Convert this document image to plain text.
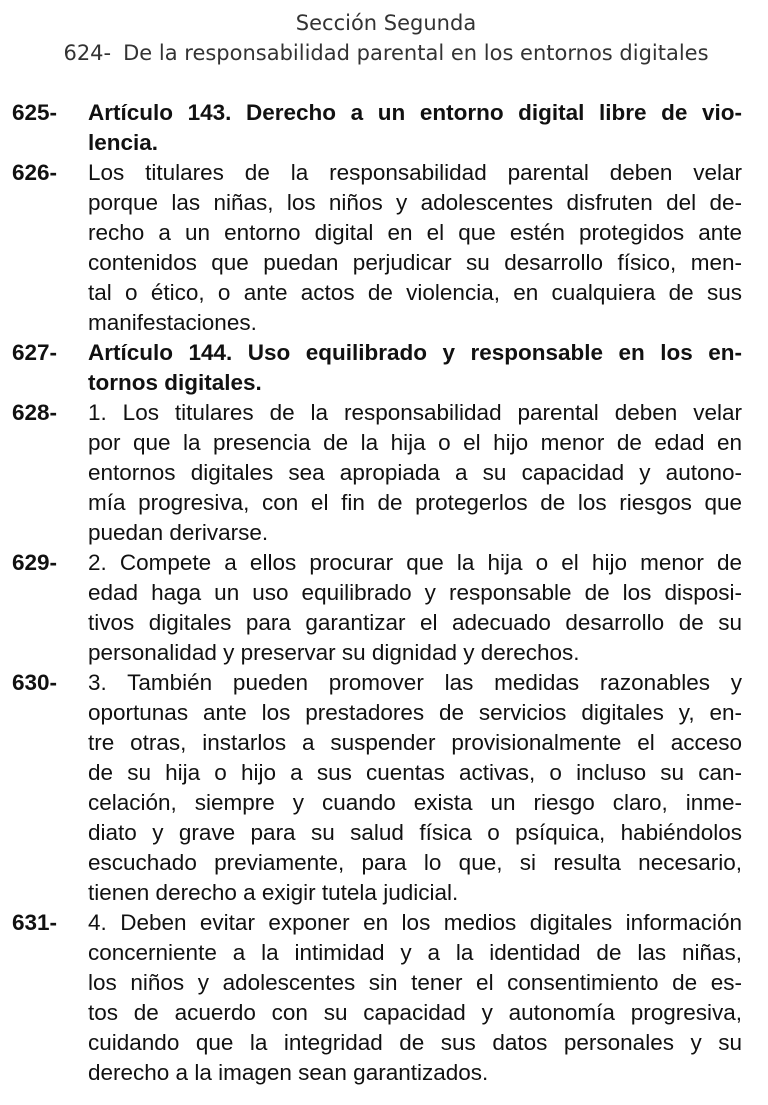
Sección Segunda
624- De la responsabilidad parental en los entornos digitales
625-	Artículo 143. Derecho a un entorno digital libre de vio-
lencia.
626-	Los titulares de la responsabilidad parental deben velar
porque las niñas, los niños y adolescentes disfruten del de-
recho a un entorno digital en el que estén protegidos ante
contenidos que puedan perjudicar su desarrollo físico, men-
tal o ético, o ante actos de violencia, en cualquiera de sus
manifestaciones.
627-	Artículo 144. Uso equilibrado y responsable en los en-
tornos digitales.
628-	1. Los titulares de la responsabilidad parental deben velar
por que la presencia de la hija o el hijo menor de edad en
entornos digitales sea apropiada a su capacidad y autono-
mía progresiva, con el fin de protegerlos de los riesgos que
puedan derivarse.
629-	2. Compete a ellos procurar que la hija o el hijo menor de
edad haga un uso equilibrado y responsable de los disposi-
tivos digitales para garantizar el adecuado desarrollo de su
personalidad y preservar su dignidad y derechos.
630-	3. También pueden promover las medidas razonables y
oportunas ante los prestadores de servicios digitales y, en-
tre otras, instarlos a suspender provisionalmente el acceso
de su hija o hijo a sus cuentas activas, o incluso su can-
celación, siempre y cuando exista un riesgo claro, inme-
diato y grave para su salud física o psíquica, habiéndolos
escuchado previamente, para lo que, si resulta necesario,
tienen derecho a exigir tutela judicial.
631-	4. Deben evitar exponer en los medios digitales información
concerniente a la intimidad y a la identidad de las niñas,
los niños y adolescentes sin tener el consentimiento de es-
tos de acuerdo con su capacidad y autonomía progresiva,
cuidando que la integridad de sus datos personales y su
derecho a la imagen sean garantizados.
